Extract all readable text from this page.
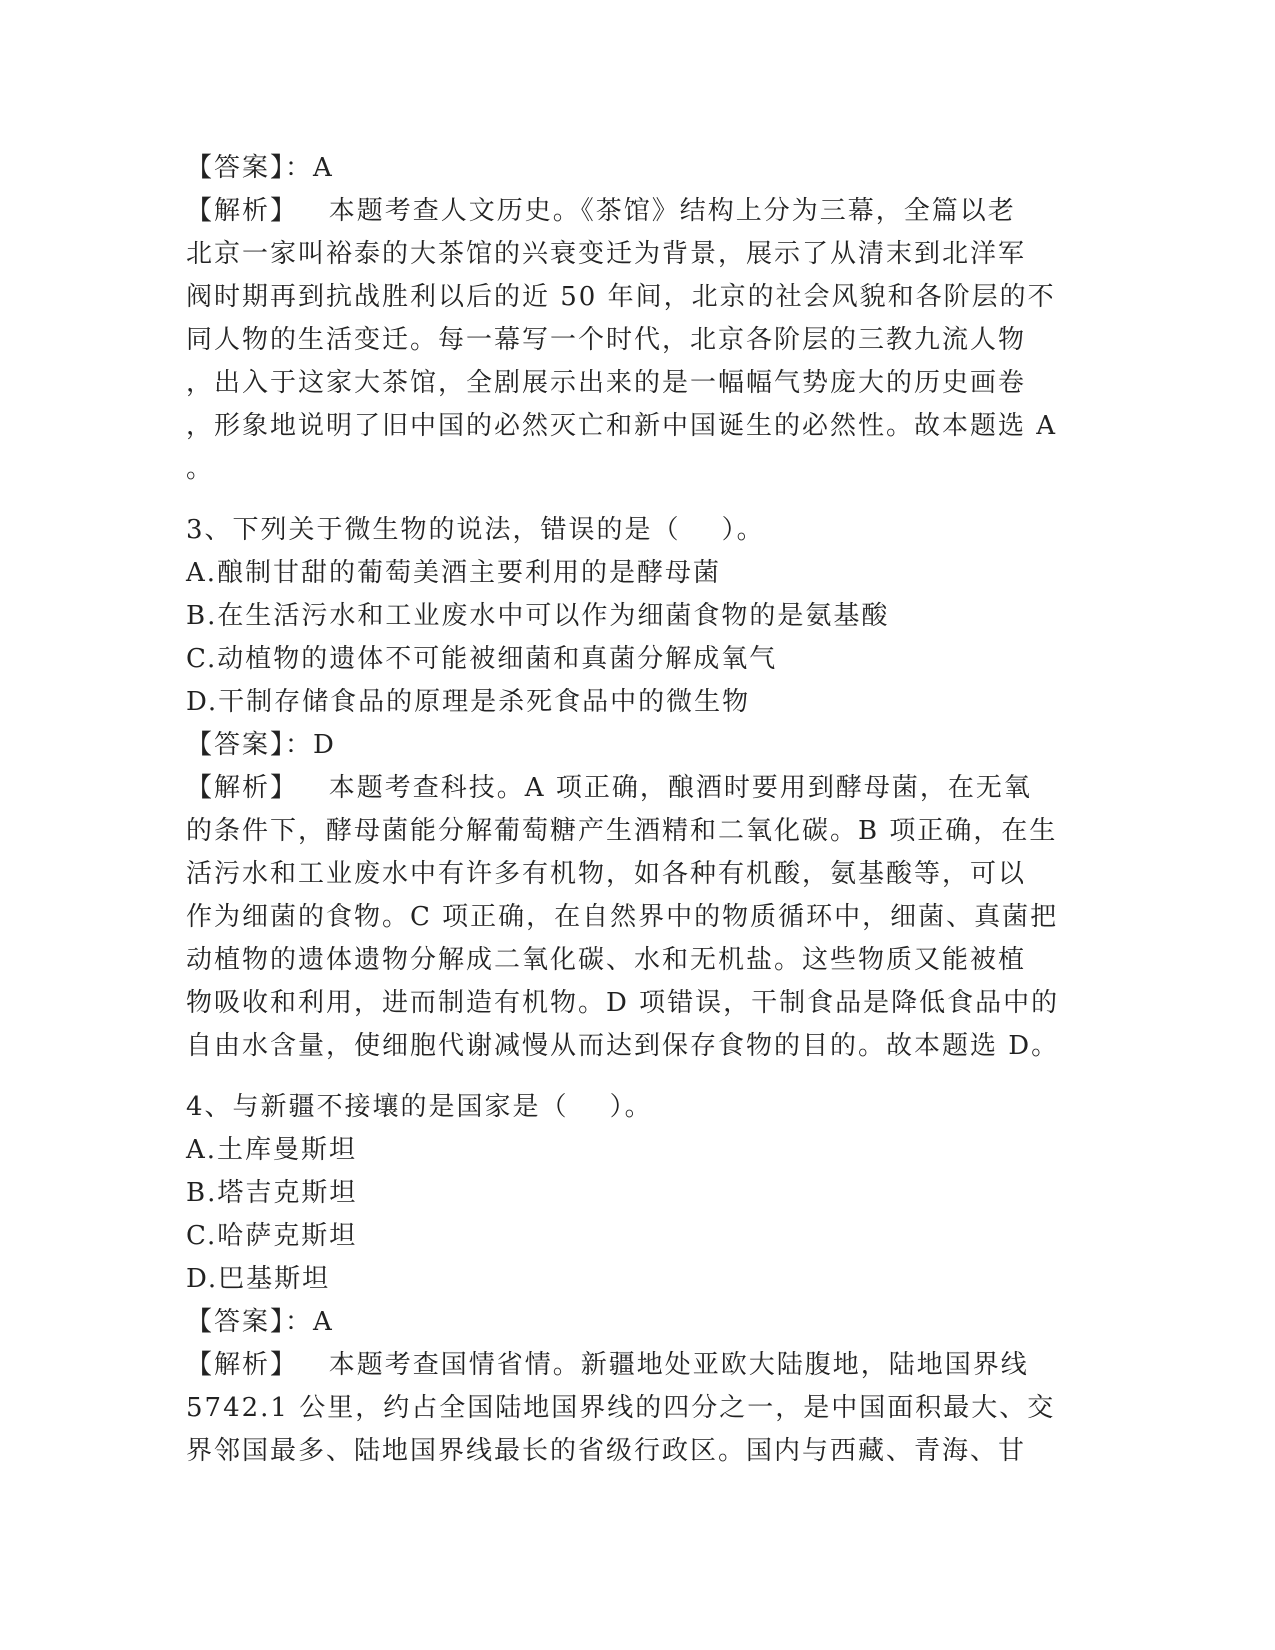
【答案】：A
【解析】   本题考查人文历史。《茶馆》结构上分为三幕，全篇以老
北京一家叫裕泰的大茶馆的兴衰变迁为背景，展示了从清末到北洋军
阀时期再到抗战胜利以后的近 50 年间，北京的社会风貌和各阶层的不
同人物的生活变迁。每一幕写一个时代，北京各阶层的三教九流人物
，出入于这家大茶馆，全剧展示出来的是一幅幅气势庞大的历史画卷
，形象地说明了旧中国的必然灭亡和新中国诞生的必然性。故本题选 A
。
3、下列关于微生物的说法，错误的是（    ）。
A.酿制甘甜的葡萄美酒主要利用的是酵母菌
B.在生活污水和工业废水中可以作为细菌食物的是氨基酸
C.动植物的遗体不可能被细菌和真菌分解成氧气
D.干制存储食品的原理是杀死食品中的微生物
【答案】：D
【解析】   本题考查科技。A 项正确，酿酒时要用到酵母菌，在无氧
的条件下，酵母菌能分解葡萄糖产生酒精和二氧化碳。B 项正确，在生
活污水和工业废水中有许多有机物，如各种有机酸，氨基酸等，可以
作为细菌的食物。C 项正确，在自然界中的物质循环中，细菌、真菌把
动植物的遗体遗物分解成二氧化碳、水和无机盐。这些物质又能被植
物吸收和利用，进而制造有机物。D 项错误，干制食品是降低食品中的
自由水含量，使细胞代谢减慢从而达到保存食物的目的。故本题选 D。
4、与新疆不接壤的是国家是（    ）。
A.土库曼斯坦
B.塔吉克斯坦
C.哈萨克斯坦
D.巴基斯坦
【答案】：A
【解析】   本题考查国情省情。新疆地处亚欧大陆腹地，陆地国界线
5742.1 公里，约占全国陆地国界线的四分之一，是中国面积最大、交
界邻国最多、陆地国界线最长的省级行政区。国内与西藏、青海、甘
